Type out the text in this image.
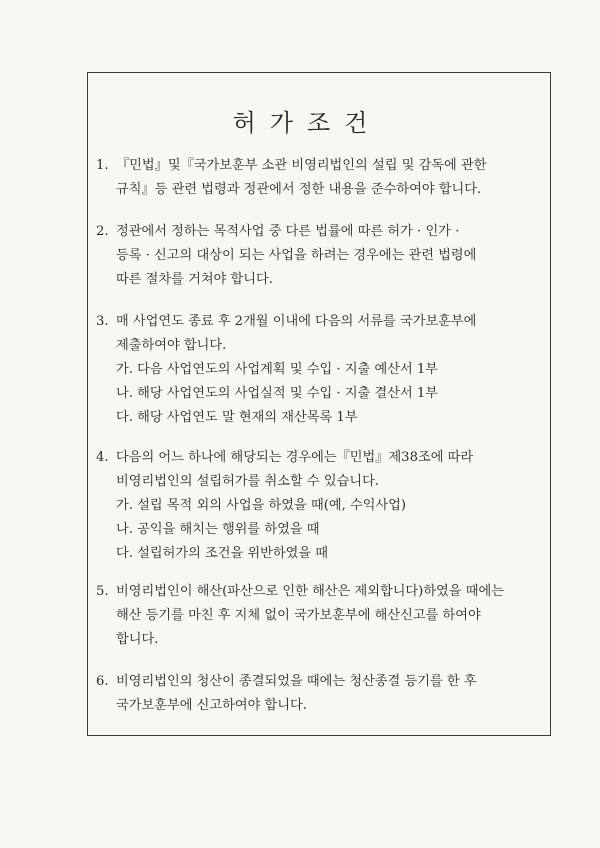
허가조건
1. 『민법』및『국가보훈부 소관 비영리법인의 설립 및 감독에 관한
규칙』등 관련 법령과 정관에서 정한 내용을 준수하여야 합니다.
2. 정관에서 정하는 목적사업 중 다른 법률에 따른 허가 · 인가 ·
등록 · 신고의 대상이 되는 사업을 하려는 경우에는 관련 법령에
따른 절차를 거쳐야 합니다.
3. 매 사업연도 종료 후 2개월 이내에 다음의 서류를 국가보훈부에
제출하여야 합니다.
가. 다음 사업연도의 사업계획 및 수입 · 지출 예산서 1부
나. 해당 사업연도의 사업실적 및 수입 · 지출 결산서 1부
다. 해당 사업연도 말 현재의 재산목록 1부
4. 다음의 어느 하나에 해당되는 경우에는『민법』제38조에 따라
비영리법인의 설립허가를 취소할 수 있습니다.
가. 설립 목적 외의 사업을 하였을 때(예, 수익사업)
나. 공익을 해치는 행위를 하였을 때
다. 설립허가의 조건을 위반하였을 때
5. 비영리법인이 해산(파산으로 인한 해산은 제외합니다)하였을 때에는
해산 등기를 마친 후 지체 없이 국가보훈부에 해산신고를 하여야
합니다.
6. 비영리법인의 청산이 종결되었을 때에는 청산종결 등기를 한 후
국가보훈부에 신고하여야 합니다.
